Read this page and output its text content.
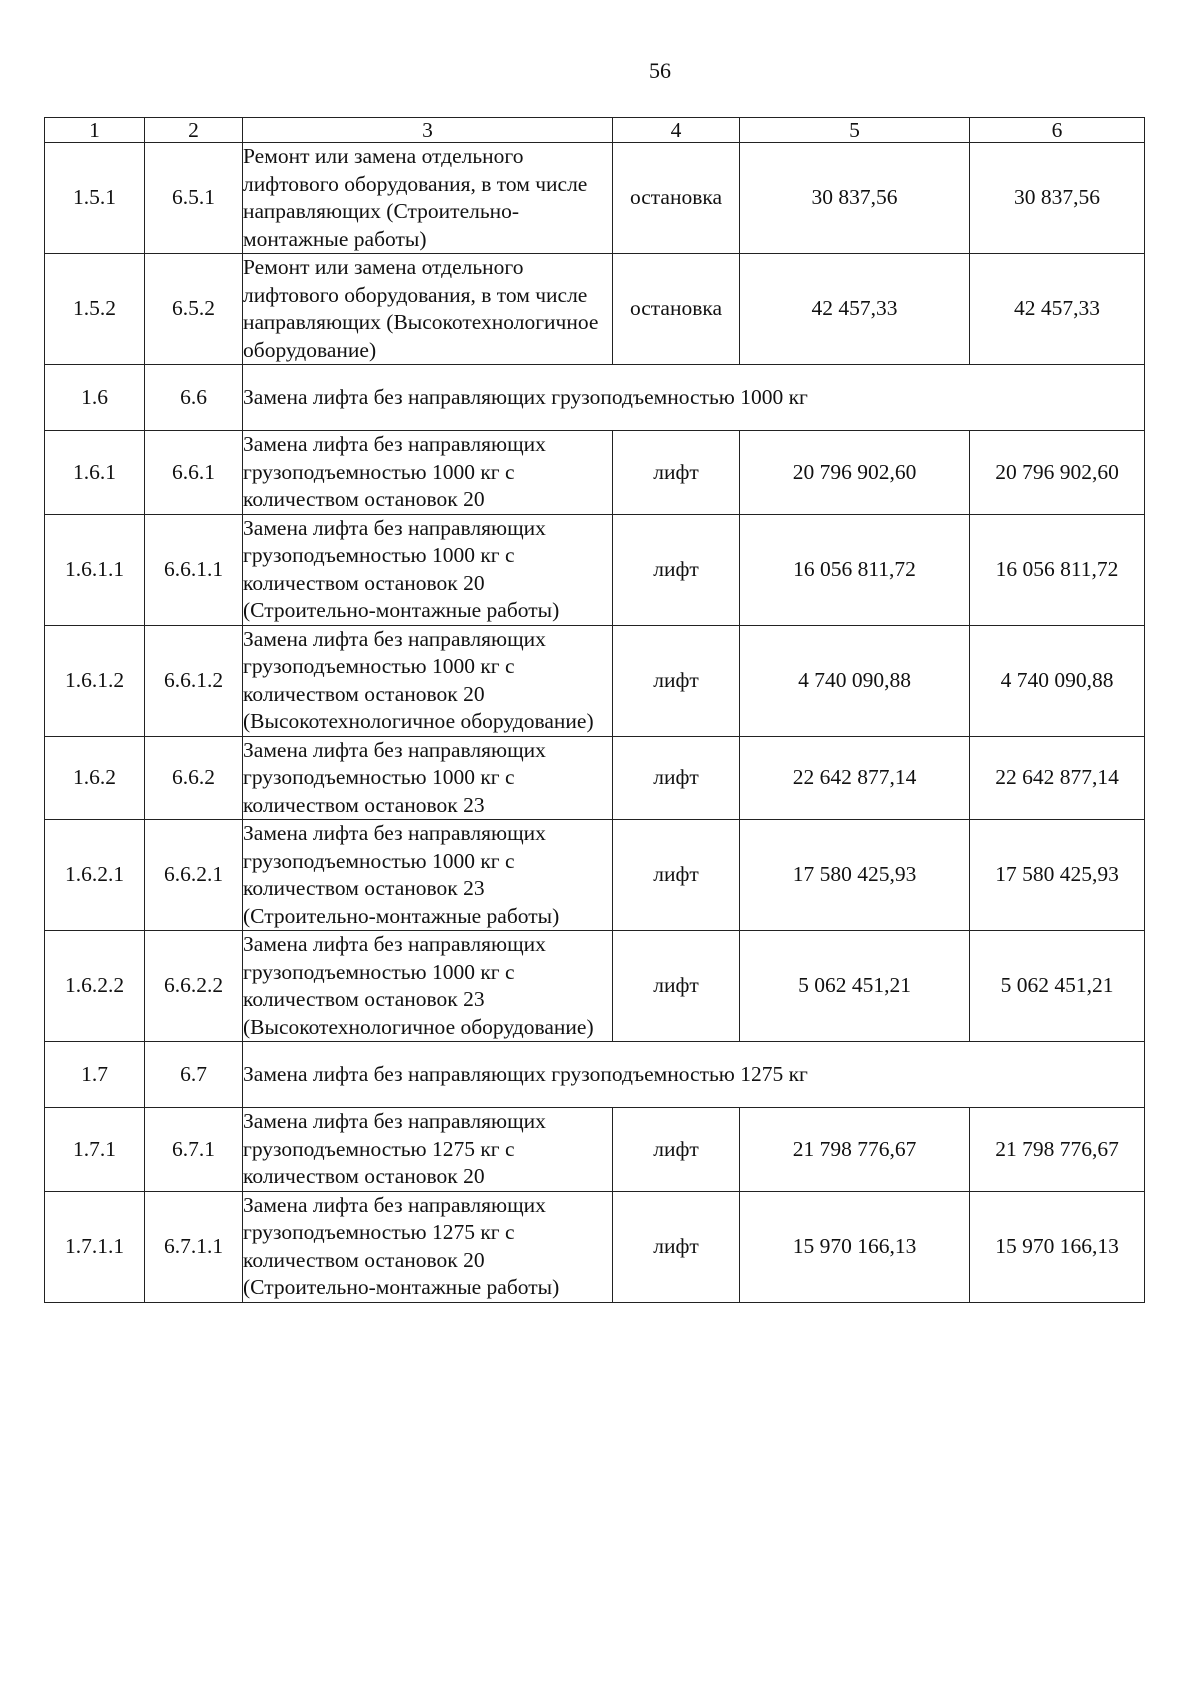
56
1	2	3	4	5	6
1.5.1	6.5.1	Ремонт или замена отдельного лифтового оборудования, в том числе направляющих (Строительно-монтажные работы)	остановка	30 837,56	30 837,56
1.5.2	6.5.2	Ремонт или замена отдельного лифтового оборудования, в том числе направляющих (Высокотехнологичное оборудование)	остановка	42 457,33	42 457,33
1.6	6.6	Замена лифта без направляющих грузоподъемностью 1000 кг			
1.6.1	6.6.1	Замена лифта без направляющих грузоподъемностью 1000 кг с количеством остановок 20	лифт	20 796 902,60	20 796 902,60
1.6.1.1	6.6.1.1	Замена лифта без направляющих грузоподъемностью 1000 кг с количеством остановок 20 (Строительно-монтажные работы)	лифт	16 056 811,72	16 056 811,72
1.6.1.2	6.6.1.2	Замена лифта без направляющих грузоподъемностью 1000 кг с количеством остановок 20 (Высокотехнологичное оборудование)	лифт	4 740 090,88	4 740 090,88
1.6.2	6.6.2	Замена лифта без направляющих грузоподъемностью 1000 кг с количеством остановок 23	лифт	22 642 877,14	22 642 877,14
1.6.2.1	6.6.2.1	Замена лифта без направляющих грузоподъемностью 1000 кг с количеством остановок 23 (Строительно-монтажные работы)	лифт	17 580 425,93	17 580 425,93
1.6.2.2	6.6.2.2	Замена лифта без направляющих грузоподъемностью 1000 кг с количеством остановок 23 (Высокотехнологичное оборудование)	лифт	5 062 451,21	5 062 451,21
1.7	6.7	Замена лифта без направляющих грузоподъемностью 1275 кг			
1.7.1	6.7.1	Замена лифта без направляющих грузоподъемностью 1275 кг с количеством остановок 20	лифт	21 798 776,67	21 798 776,67
1.7.1.1	6.7.1.1	Замена лифта без направляющих грузоподъемностью 1275 кг с количеством остановок 20 (Строительно-монтажные работы)	лифт	15 970 166,13	15 970 166,13
